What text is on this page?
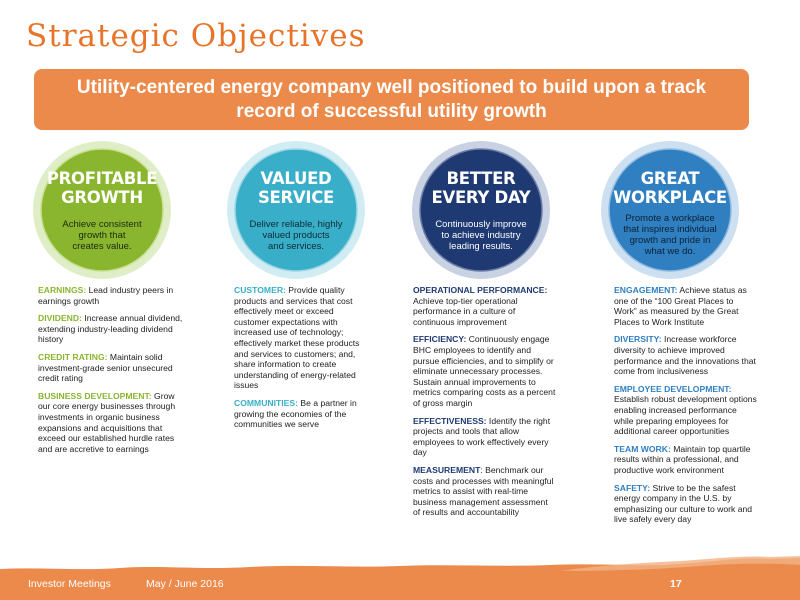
Strategic Objectives
Utility-centered energy company well positioned to build upon a track
record of successful utility growth
PROFITABLE
GROWTH
Achieve consistent
growth that
creates value.
VALUED
SERVICE
Deliver reliable, highly
valued products
and services.
BETTER
EVERY DAY
Continuously improve
to achieve industry
leading results.
GREAT
WORKPLACE
Promote a workplace
that inspires individual
growth and pride in
what we do.

EARNINGS: Lead industry peers in earnings growth

DIVIDEND: Increase annual dividend, extending industry-leading dividend history

CREDIT RATING: Maintain solid investment-grade senior unsecured credit rating

BUSINESS DEVELOPMENT: Grow our core energy businesses through investments in organic business expansions and acquisitions that exceed our established hurdle rates and are accretive to earnings

CUSTOMER: Provide quality products and services that cost effectively meet or exceed customer expectations with increased use of technology; effectively market these products and services to customers; and, share information to create understanding of energy-related issues

COMMUNITIES: Be a partner in growing the economies of the communities we serve

OPERATIONAL PERFORMANCE: Achieve top-tier operational performance in a culture of continuous improvement

EFFICIENCY: Continuously engage BHC employees to identify and pursue efficiencies, and to simplify or eliminate unnecessary processes. Sustain annual improvements to metrics comparing costs as a percent of gross margin

EFFECTIVENESS: Identify the right projects and tools that allow employees to work effectively every day

MEASUREMENT: Benchmark our costs and processes with meaningful metrics to assist with real-time business management assessment of results and accountability

ENGAGEMENT: Achieve status as one of the “100 Great Places to Work” as measured by the Great Places to Work Institute

DIVERSITY: Increase workforce diversity to achieve improved performance and the innovations that come from inclusiveness

EMPLOYEE DEVELOPMENT: Establish robust development options enabling increased performance while preparing employees for additional career opportunities

TEAM WORK: Maintain top quartile results within a professional, and productive work environment

SAFETY: Strive to be the safest energy company in the U.S. by emphasizing our culture to work and live safely every day

Investor Meetings	May / June 2016	17
